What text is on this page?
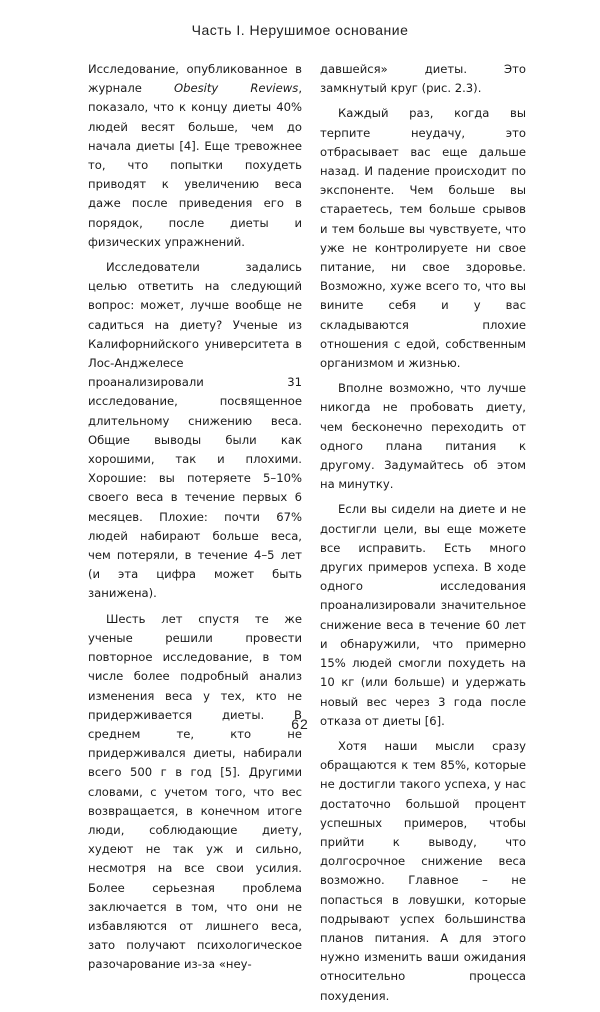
Часть I. Нерушимое основание

Исследование, опубликованное в журнале Obesity Reviews, показало, что к концу диеты 40% людей весят больше, чем до начала диеты [4]. Еще тревожнее то, что попытки похудеть приводят к увеличению веса даже после приведения его в порядок, после диеты и физических упражнений.

Исследователи задались целью ответить на следующий вопрос: может, лучше вообще не садиться на диету? Ученые из Калифорнийского университета в Лос-Анджелесе проанализировали 31 исследование, посвященное длительному снижению веса. Общие выводы были как хорошими, так и плохими. Хорошие: вы потеряете 5–10% своего веса в течение первых 6 месяцев. Плохие: почти 67% людей набирают больше веса, чем потеряли, в течение 4–5 лет (и эта цифра может быть занижена).

Шесть лет спустя те же ученые решили провести повторное исследование, в том числе более подробный анализ изменения веса у тех, кто не придерживается диеты. В среднем те, кто не придерживался диеты, набирали всего 500 г в год [5]. Другими словами, с учетом того, что вес возвращается, в конечном итоге люди, соблюдающие диету, худеют не так уж и сильно, несмотря на все свои усилия. Более серьезная проблема заключается в том, что они не избавляются от лишнего веса, зато получают психологическое разочарование из-за «неу-

давшейся» диеты. Это замкнутый круг (рис. 2.3).

Каждый раз, когда вы терпите неудачу, это отбрасывает вас еще дальше назад. И падение происходит по экспоненте. Чем больше вы стараетесь, тем больше срывов и тем больше вы чувствуете, что уже не контролируете ни свое питание, ни свое здоровье. Возможно, хуже всего то, что вы вините себя и у вас складываются плохие отношения с едой, собственным организмом и жизнью.

Вполне возможно, что лучше никогда не пробовать диету, чем бесконечно переходить от одного плана питания к другому. Задумайтесь об этом на минутку.

Если вы сидели на диете и не достигли цели, вы еще можете все исправить. Есть много других примеров успеха. В ходе одного исследования проанализировали значительное снижение веса в течение 60 лет и обнаружили, что примерно 15% людей смогли похудеть на 10 кг (или больше) и удержать новый вес через 3 года после отказа от диеты [6].

Хотя наши мысли сразу обращаются к тем 85%, которые не достигли такого успеха, у нас достаточно большой процент успешных примеров, чтобы прийти к выводу, что долгосрочное снижение веса возможно. Главное – не попасться в ловушки, которые подрывают успех большинства планов питания. А для этого нужно изменить ваши ожидания относительно процесса похудения.

62
